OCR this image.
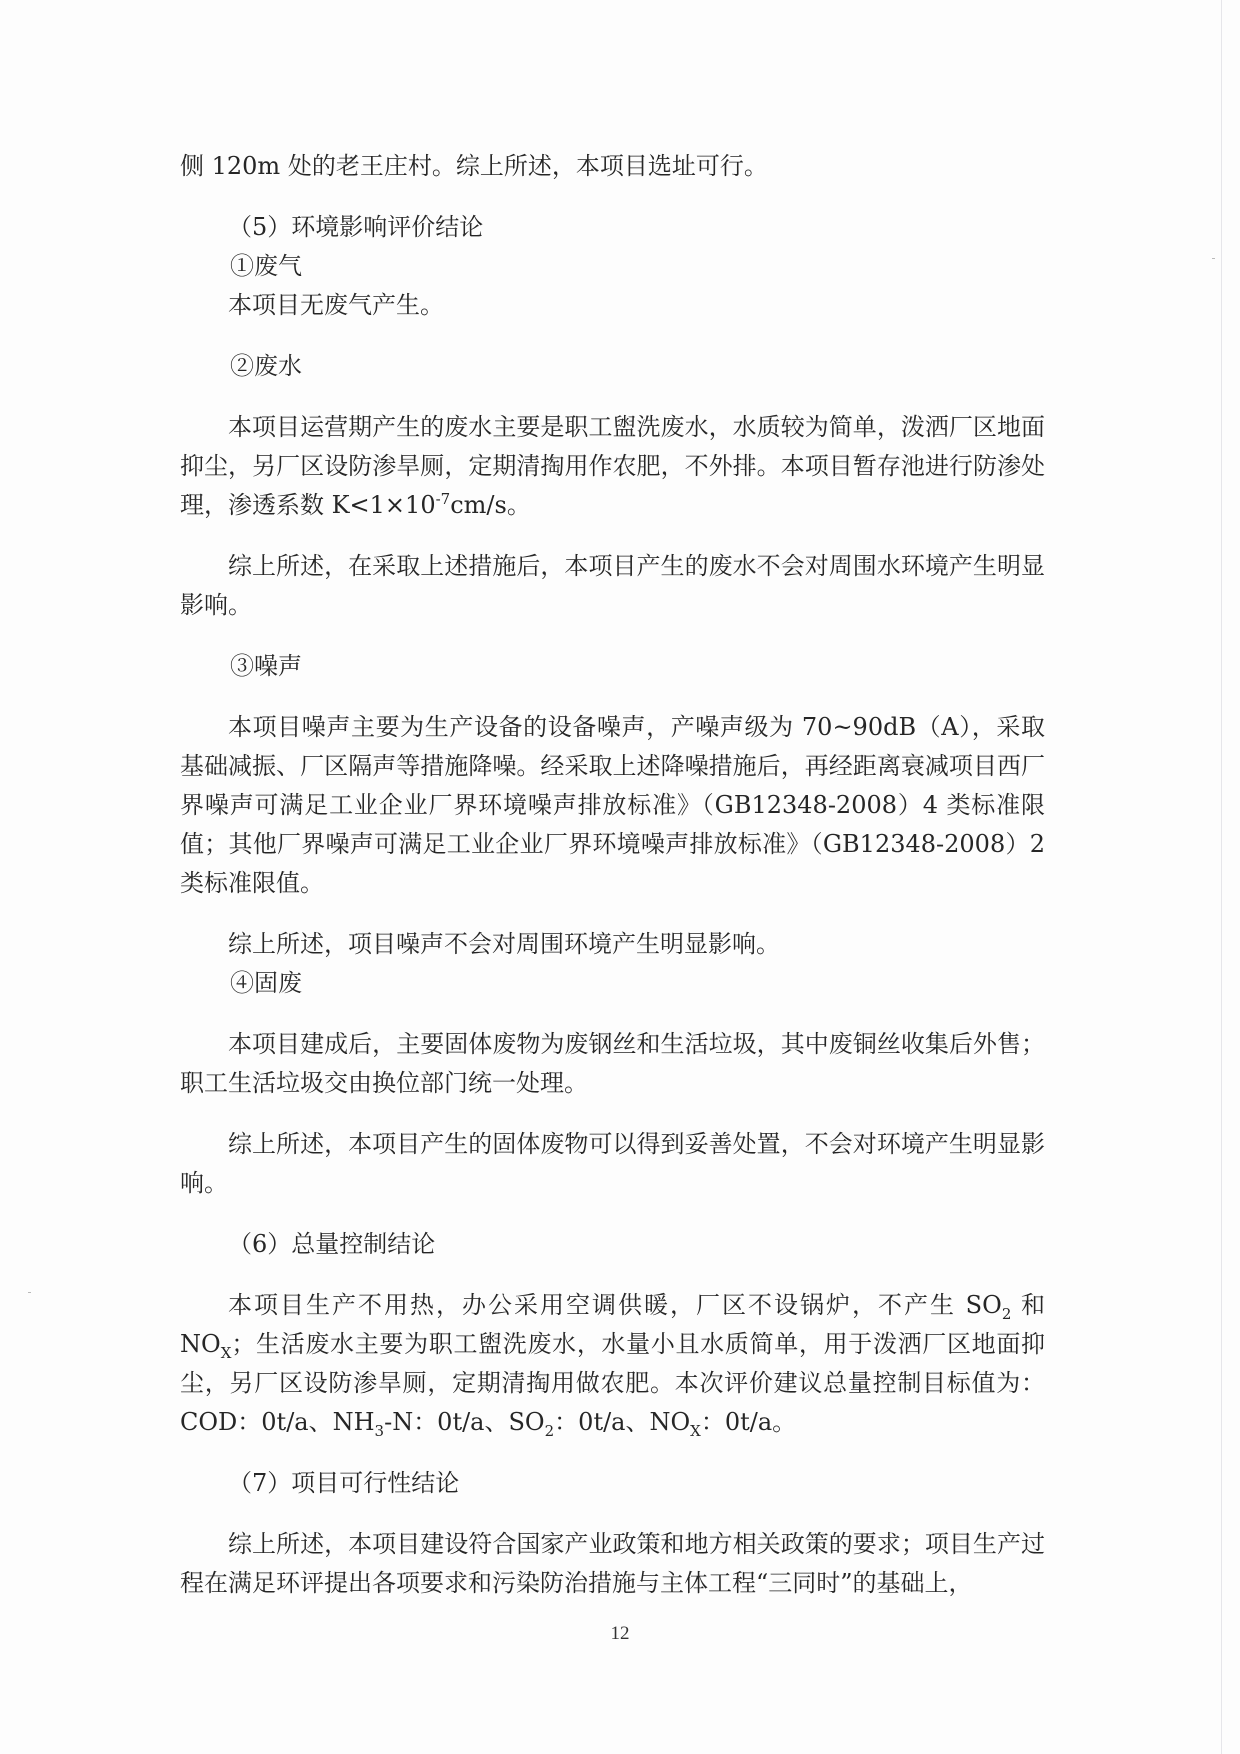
侧 120m 处的老王庄村。综上所述，本项目选址可行。

（5）环境影响评价结论

①废气

本项目无废气产生。

②废水

本项目运营期产生的废水主要是职工盥洗废水，水质较为简单，泼洒厂区地面抑尘，另厂区设防渗旱厕，定期清掏用作农肥，不外排。本项目暂存池进行防渗处理，渗透系数 $K<1\times 10^{-7}cm/s$。

综上所述，在采取上述措施后，本项目产生的废水不会对周围水环境产生明显影响。

③噪声

本项目噪声主要为生产设备的设备噪声，产噪声级为 70~90dB（A），采取基础减振、厂区隔声等措施降噪。经采取上述降噪措施后，再经距离衰减项目西厂界噪声可满足工业企业厂界环境噪声排放标准》（GB12348-2008）4 类标准限值；其他厂界噪声可满足工业企业厂界环境噪声排放标准》（GB12348-2008）2 类标准限值。

综上所述，项目噪声不会对周围环境产生明显影响。

④固废

本项目建成后，主要固体废物为废钢丝和生活垃圾，其中废铜丝收集后外售；职工生活垃圾交由换位部门统一处理。

综上所述，本项目产生的固体废物可以得到妥善处置，不会对环境产生明显影响。

（6）总量控制结论

本项目生产不用热，办公采用空调供暖，厂区不设锅炉，不产生 $SO_2$ 和 $NO_X$；生活废水主要为职工盥洗废水，水量小且水质简单，用于泼洒厂区地面抑尘，另厂区设防渗旱厕，定期清掏用做农肥。本次评价建议总量控制目标值为：COD：0t/a、$NH_3-N$：0t/a、$SO_2$：0t/a、$NO_X$：0t/a。

（7）项目可行性结论

综上所述，本项目建设符合国家产业政策和地方相关政策的要求；项目生产过程在满足环评提出各项要求和污染防治措施与主体工程“三同时”的基础上，

12
